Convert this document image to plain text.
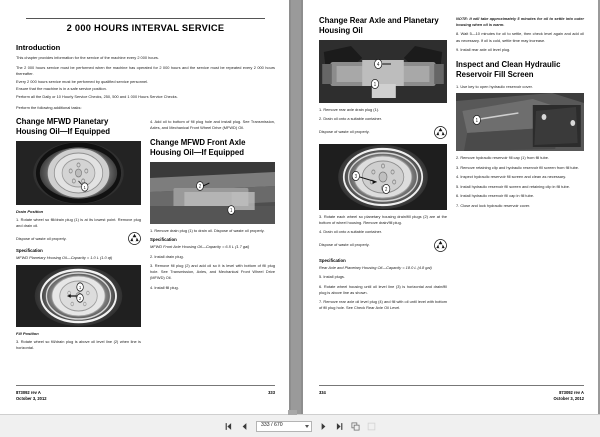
2 000 HOURS INTERVAL SERVICE
Introduction

This chapter provides information for the service of the machine every 2 000 hours.

The 2 000 hours service must be performed when the machine has operated for 2 000 hours and the service must be repeated every 2 000 hours thereafter.

Every 2 000 hours service must be performed by qualified service personnel.

Ensure that the machine is in a safe service position.

Perform all the Daily or 10 Hourly Service Checks, 250, 500 and 1 000 Hours Service Checks.

Perform the following additional tasks:

Change MFWD Planetary Housing Oil—If Equipped
1
Drain Position

1. Rotate wheel so fill/drain plug (1) is at its lowest point. Remove plug and drain oil.

Dispose of waste oil properly.

Specification
MFWD Planetary Housing Oil—Capacity = 1.0 L (1.0 qt)
1
2
Fill Position

3. Rotate wheel so fill/drain plug is above oil level line (2) when line is horizontal.

4. Add oil to bottom of fill plug hole and install plug. See Transmission, Axles, and Mechanical Front Wheel Drive (MFWD) Oil.

Change MFWD Front Axle Housing Oil—If Equipped
2
1

1. Remove drain plug (1) to drain oil. Dispose of waste oil properly.

Specification
MFWD Front Axle Housing Oil—Capacity = 6.5 L (1.7 gal)

2. Install drain plug.

3. Remove fill plug (2) and add oil so it is level with bottom of fill plug hole. See Transmission, Axles, and Mechanical Front Wheel Drive (MFWD) Oil.

4. Install fill plug.

873092 rev A
October 3, 2012
333
Change Rear Axle and Planetary Housing Oil
4
1

1. Remove rear axle drain plug (1).

2. Drain oil onto a suitable container.

Dispose of waste oil properly.

3
2

3. Rotate each wheel so planetary housing drain/fill plugs (2) are at the bottom of wheel housing. Remove drain/fill plug.

4. Drain oil onto a suitable container.

Dispose of waste oil properly.

Specification
Rear Axle and Planetary Housing Oil—Capacity = 18.0 L (4.8 gal)

5. Install plugs.

6. Rotate wheel housing until oil level line (3) is horizontal and drain/fill plug is above line as shown.

7. Remove rear axle oil level plug (4) and fill with oil until level with bottom of fill plug hole. See Check Rear Axle Oil Level.

NOTE: It will take approximately 5 minutes for oil to settle into outer housing when oil is warm.

8. Wait 5—10 minutes for oil to settle, then check level again and add oil as necessary. If oil is cold, settle time may increase.

9. Install rear axle oil level plug.

Inspect and Clean Hydraulic Reservoir Fill Screen

1. Use key to open hydraulic reservoir cover.

1

2. Remove hydraulic reservoir fill cap (1) from fill tube.

3. Remove retaining clip and hydraulic reservoir fill screen from fill tube.

4. Inspect hydraulic reservoir fill screen and clean as necessary.

5. Install hydraulic reservoir fill screen and retaining clip in fill tube.

6. Install hydraulic reservoir fill cap in fill tube.

7. Close and lock hydraulic reservoir cover.

334	873092 rev A
October 3, 2012
333 / 670
